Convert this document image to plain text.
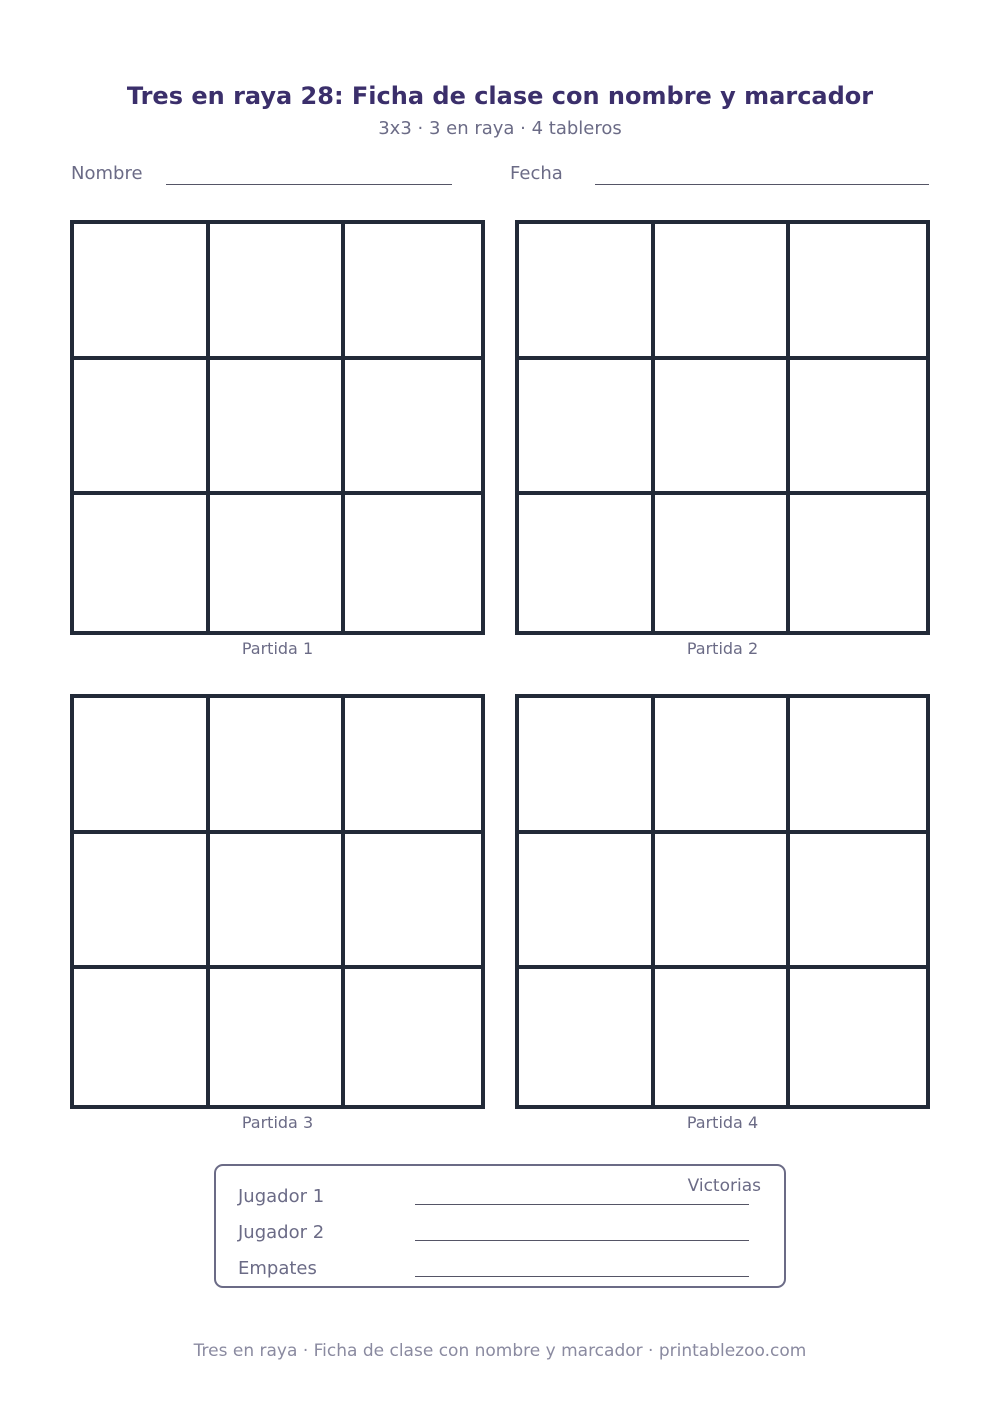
Tres en raya 28: Ficha de clase con nombre y marcador
3x3 · 3 en raya · 4 tableros
Nombre	Fecha
Partida 1	Partida 2
Partida 3	Partida 4
Victorias
Jugador 1
Jugador 2
Empates
Tres en raya · Ficha de clase con nombre y marcador · printablezoo.com
